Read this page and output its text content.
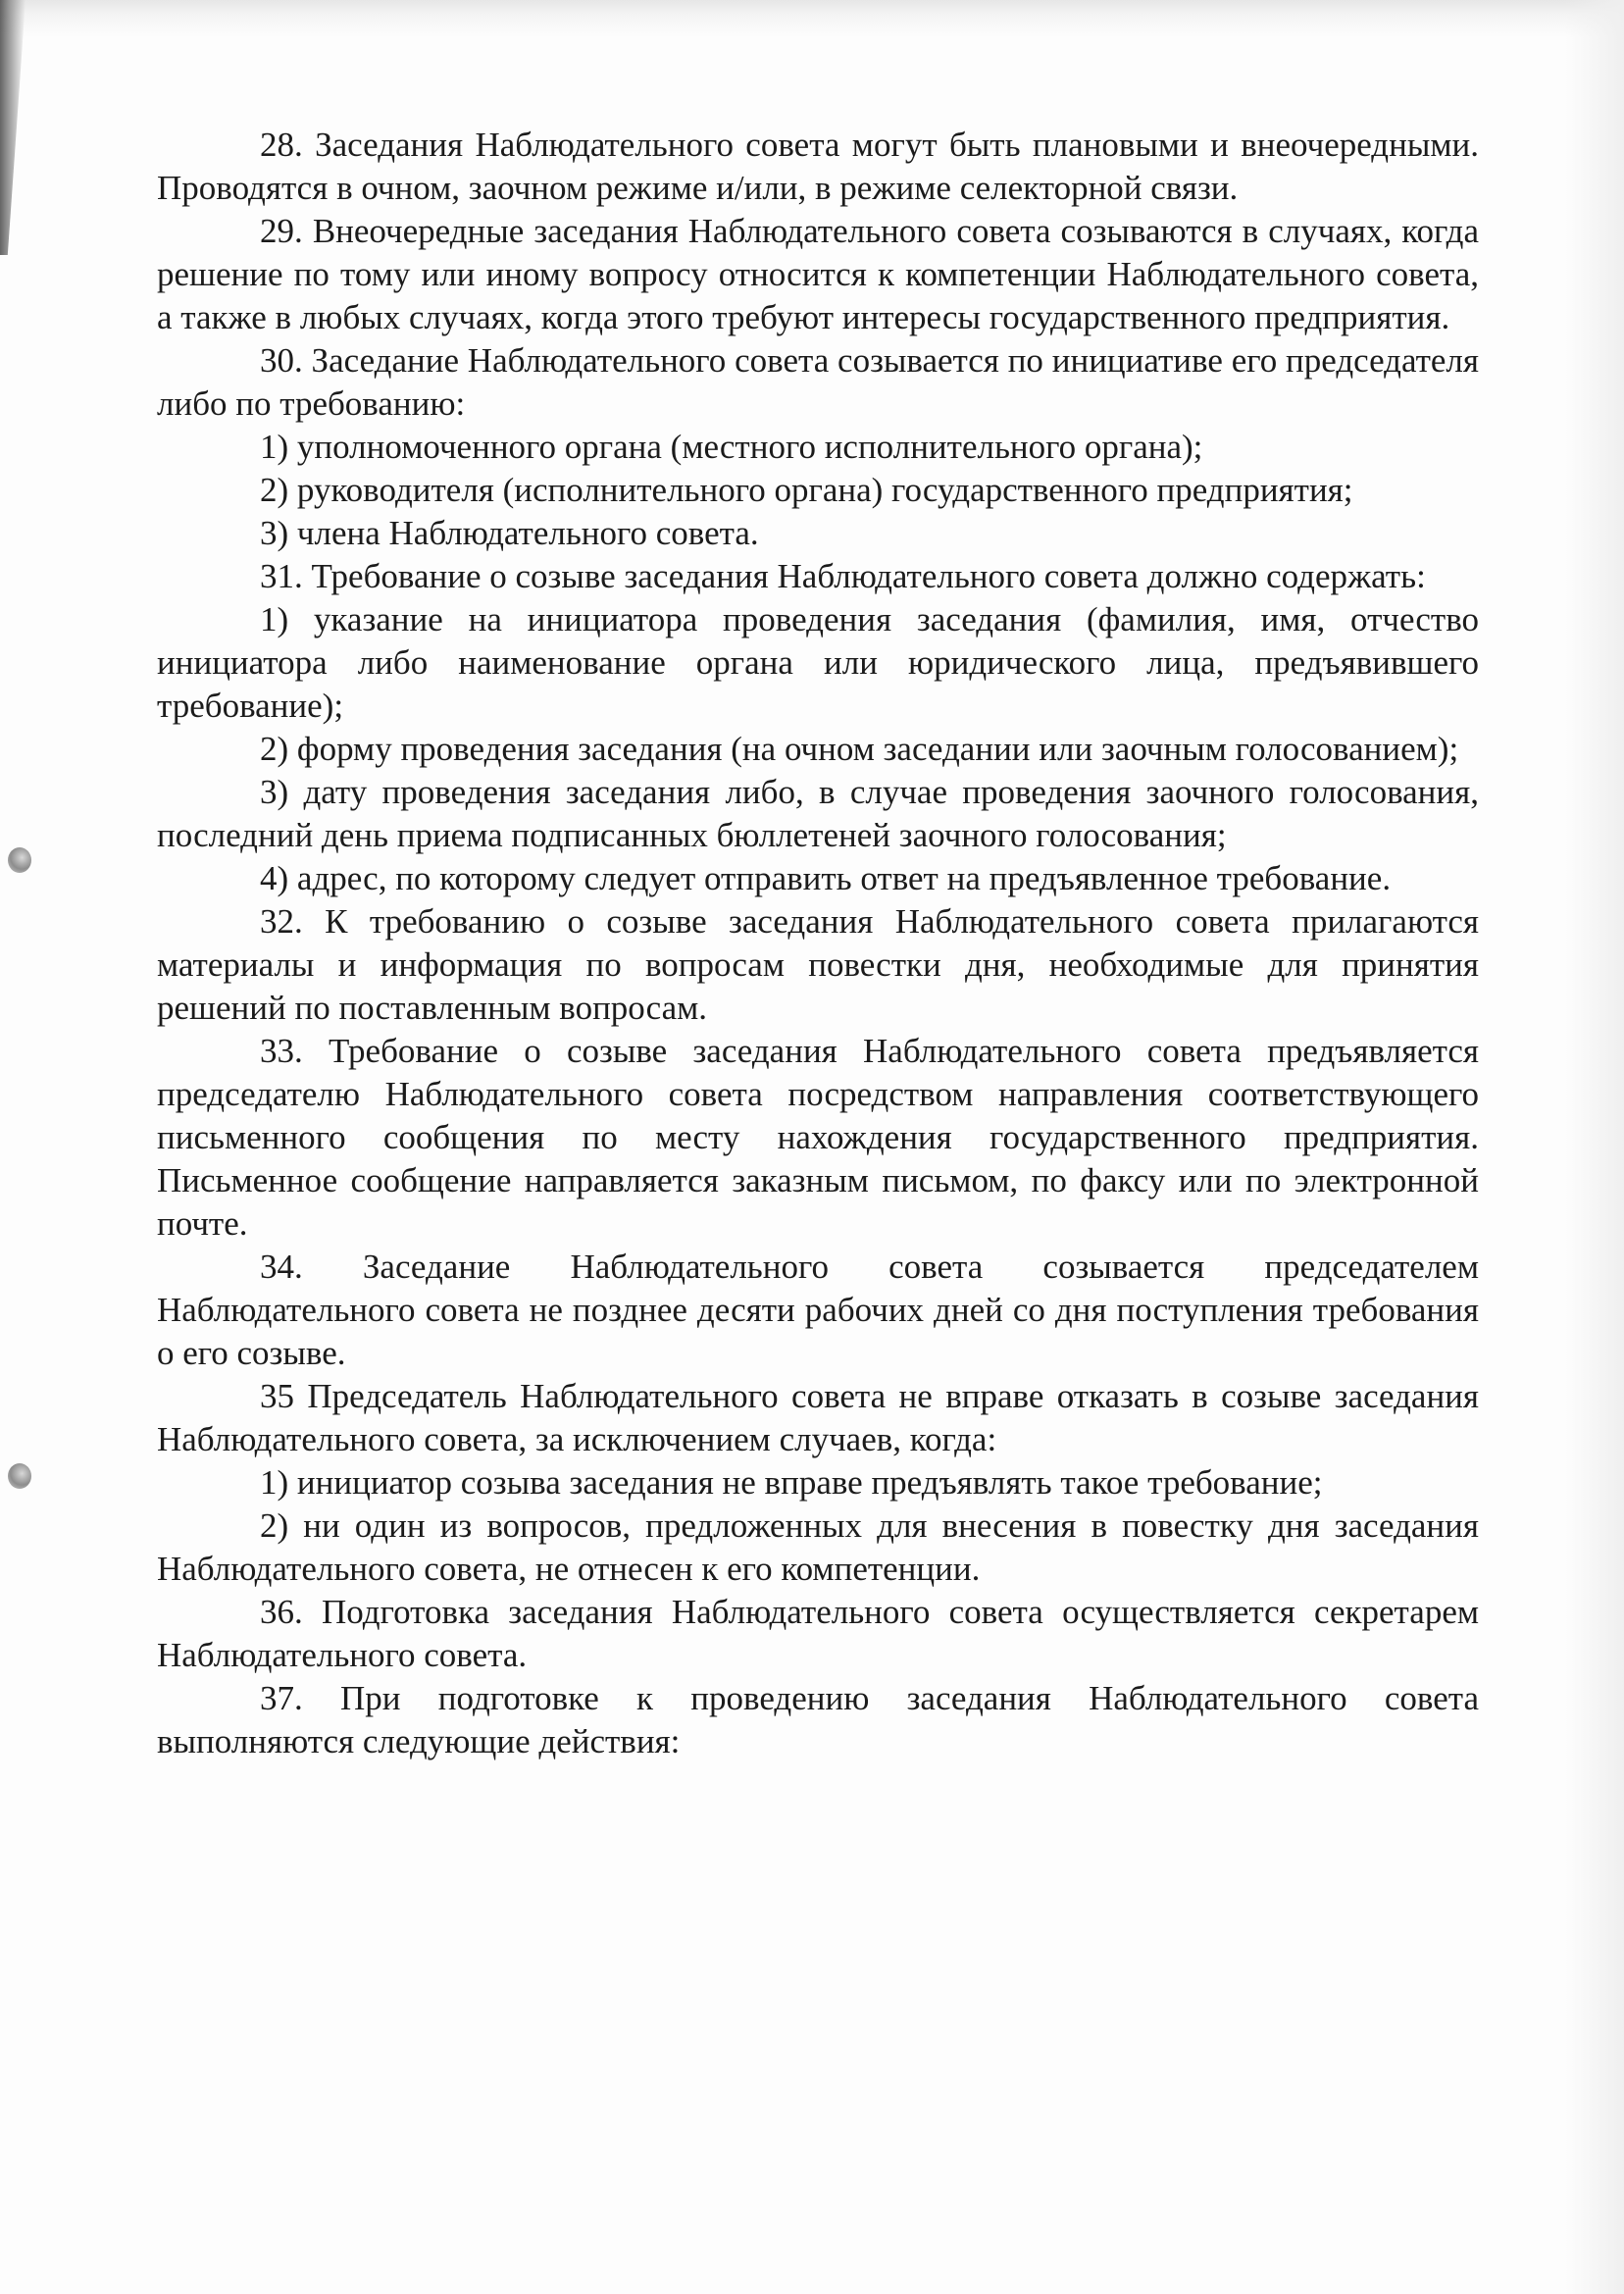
28. Заседания Наблюдательного совета могут быть плановыми и внеочередными. Проводятся в очном, заочном режиме и/или, в режиме селекторной связи.

29. Внеочередные заседания Наблюдательного совета созываются в случаях, когда решение по тому или иному вопросу относится к компетенции Наблюдательного совета, а также в любых случаях, когда этого требуют интересы государственного предприятия.

30. Заседание Наблюдательного совета созывается по инициативе его председателя либо по требованию:

1) уполномоченного органа (местного исполнительного органа);

2) руководителя (исполнительного органа) государственного предприятия;

3) члена Наблюдательного совета.

31. Требование о созыве заседания Наблюдательного совета должно содержать:

1) указание на инициатора проведения заседания (фамилия, имя, отчество инициатора либо наименование органа или юридического лица, предъявившего требование);

2) форму проведения заседания (на очном заседании или заочным голосованием);

3) дату проведения заседания либо, в случае проведения заочного голосования, последний день приема подписанных бюллетеней заочного голосования;

4) адрес, по которому следует отправить ответ на предъявленное требование.

32. К требованию о созыве заседания Наблюдательного совета прилагаются материалы и информация по вопросам повестки дня, необходимые для принятия решений по поставленным вопросам.

33. Требование о созыве заседания Наблюдательного совета предъявляется председателю Наблюдательного совета посредством направления соответствующего письменного сообщения по месту нахождения государственного предприятия. Письменное сообщение направляется заказным письмом, по факсу или по электронной почте.

34. Заседание Наблюдательного совета созывается председателем Наблюдательного совета не позднее десяти рабочих дней со дня поступления требования о его созыве.

35 Председатель Наблюдательного совета не вправе отказать в созыве заседания Наблюдательного совета, за исключением случаев, когда:

1) инициатор созыва заседания не вправе предъявлять такое требование;

2) ни один из вопросов, предложенных для внесения в повестку дня заседания Наблюдательного совета, не отнесен к его компетенции.

36. Подготовка заседания Наблюдательного совета осуществляется секретарем Наблюдательного совета.

37. При подготовке к проведению заседания Наблюдательного совета выполняются следующие действия:
